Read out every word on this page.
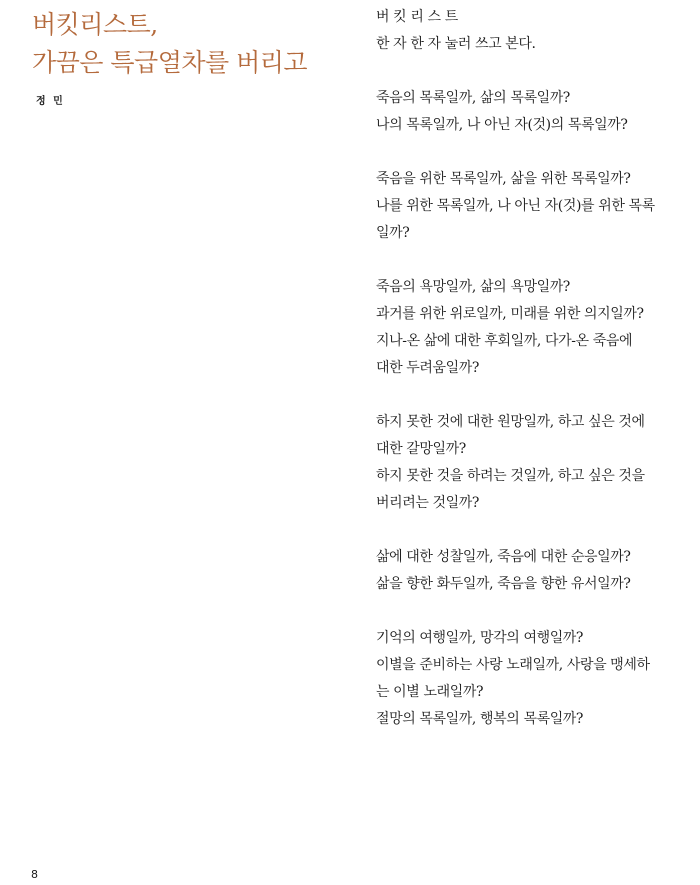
버킷리스트,
가끔은 특급열차를 버리고
정 민
버 킷 리 스 트
한 자 한 자 눌러 쓰고 본다.
죽음의 목록일까, 삶의 목록일까?
나의 목록일까, 나 아닌 자(것)의 목록일까?
죽음을 위한 목록일까, 삶을 위한 목록일까?
나를 위한 목록일까, 나 아닌 자(것)를 위한 목록
일까?
죽음의 욕망일까, 삶의 욕망일까?
과거를 위한 위로일까, 미래를 위한 의지일까?
지나-온 삶에 대한 후회일까, 다가-온 죽음에
대한 두려움일까?
하지 못한 것에 대한 원망일까, 하고 싶은 것에
대한 갈망일까?
하지 못한 것을 하려는 것일까, 하고 싶은 것을
버리려는 것일까?
삶에 대한 성찰일까, 죽음에 대한 순응일까?
삶을 향한 화두일까, 죽음을 향한 유서일까?
기억의 여행일까, 망각의 여행일까?
이별을 준비하는 사랑 노래일까, 사랑을 맹세하
는 이별 노래일까?
절망의 목록일까, 행복의 목록일까?
8
